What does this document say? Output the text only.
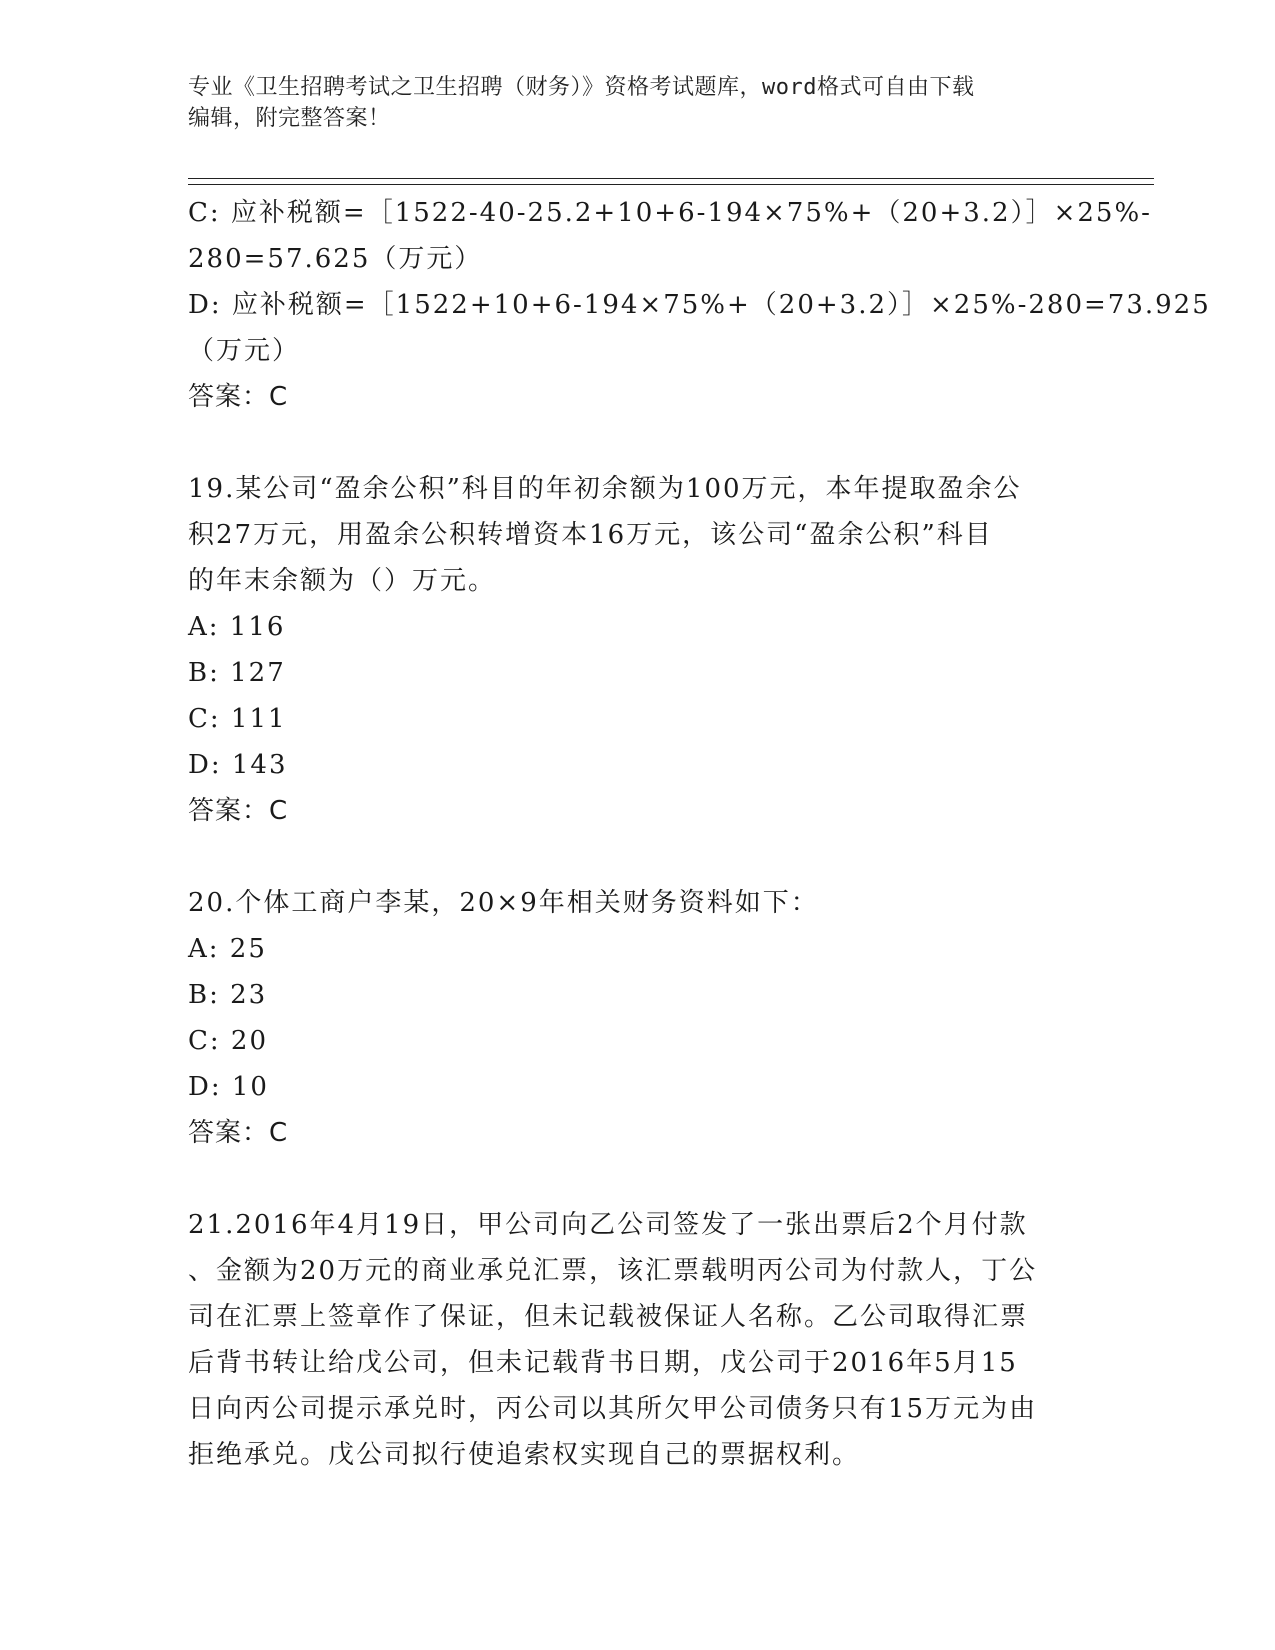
专业《卫生招聘考试之卫生招聘（财务）》资格考试题库，word格式可自由下载
编辑，附完整答案！
C: 应补税额=［1522-40-25.2+10+6-194×75%+（20+3.2）］×25%-
280=57.625（万元）
D: 应补税额=［1522+10+6-194×75%+（20+3.2）］×25%-280=73.925
（万元）
答案：C
19.某公司“盈余公积”科目的年初余额为100万元，本年提取盈余公
积27万元，用盈余公积转增资本16万元，该公司“盈余公积”科目
的年末余额为（）万元。
A: 116
B: 127
C: 111
D: 143
答案：C
20.个体工商户李某，20×9年相关财务资料如下：
A: 25
B: 23
C: 20
D: 10
答案：C
21.2016年4月19日，甲公司向乙公司签发了一张出票后2个月付款
、金额为20万元的商业承兑汇票，该汇票载明丙公司为付款人，丁公
司在汇票上签章作了保证，但未记载被保证人名称。乙公司取得汇票
后背书转让给戊公司，但未记载背书日期，戊公司于2016年5月15
日向丙公司提示承兑时，丙公司以其所欠甲公司债务只有15万元为由
拒绝承兑。戊公司拟行使追索权实现自己的票据权利。
